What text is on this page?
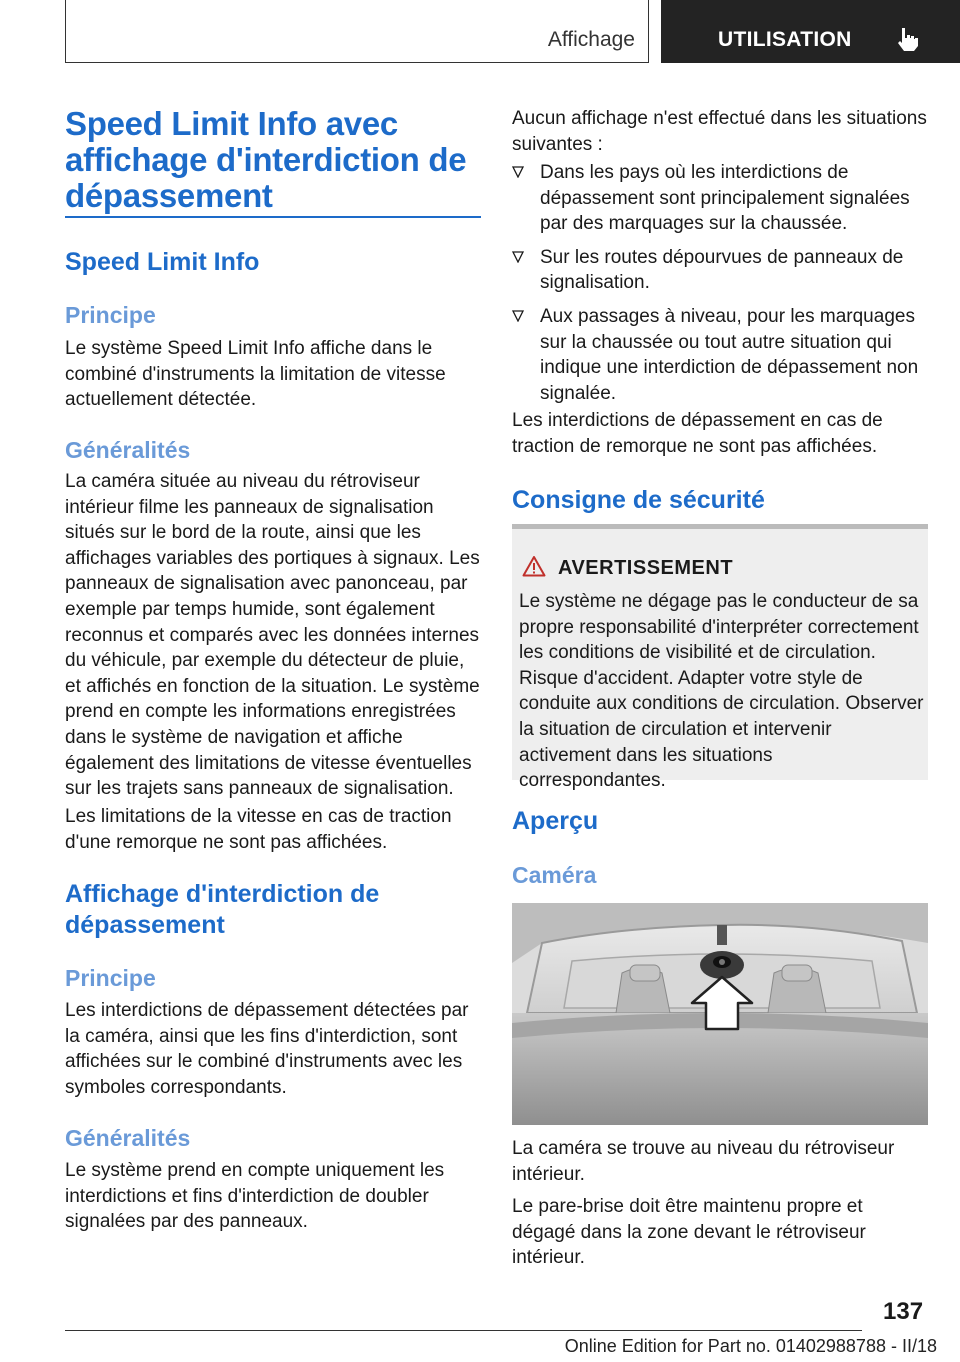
Affichage	UTILISATION
Speed Limit Info avec affichage d'interdiction de dépassement
Speed Limit Info
Principe
Le système Speed Limit Info affiche dans le combiné d'instruments la limitation de vitesse actuellement détectée.
Généralités
La caméra située au niveau du rétroviseur intérieur filme les panneaux de signalisation situés sur le bord de la route, ainsi que les affichages variables des portiques à signaux. Les panneaux de signalisation avec panonceau, par exemple par temps humide, sont également reconnus et comparés avec les données internes du véhicule, par exemple du détecteur de pluie, et affichés en fonction de la situation. Le système prend en compte les informations enregistrées dans le système de navigation et affiche également des limitations de vitesse éventuelles sur les trajets sans panneaux de signalisation.
Les limitations de la vitesse en cas de traction d'une remorque ne sont pas affichées.
Affichage d'interdiction de dépassement
Principe
Les interdictions de dépassement détectées par la caméra, ainsi que les fins d'interdiction, sont affichées sur le combiné d'instruments avec les symboles correspondants.
Généralités
Le système prend en compte uniquement les interdictions et fins d'interdiction de doubler signalées par des panneaux.
Aucun affichage n'est effectué dans les situations suivantes :
Dans les pays où les interdictions de dépassement sont principalement signalées par des marquages sur la chaussée.
Sur les routes dépourvues de panneaux de signalisation.
Aux passages à niveau, pour les marquages sur la chaussée ou tout autre situation qui indique une interdiction de dépassement non signalée.
Les interdictions de dépassement en cas de traction de remorque ne sont pas affichées.
Consigne de sécurité
AVERTISSEMENT
Le système ne dégage pas le conducteur de sa propre responsabilité d'interpréter correctement les conditions de visibilité et de circulation. Risque d'accident. Adapter votre style de conduite aux conditions de circulation. Observer la situation de circulation et intervenir activement dans les situations correspondantes.
Aperçu
Caméra
La caméra se trouve au niveau du rétroviseur intérieur.
Le pare-brise doit être maintenu propre et dégagé dans la zone devant le rétroviseur intérieur.
137
Online Edition for Part no. 01402988788 - II/18
